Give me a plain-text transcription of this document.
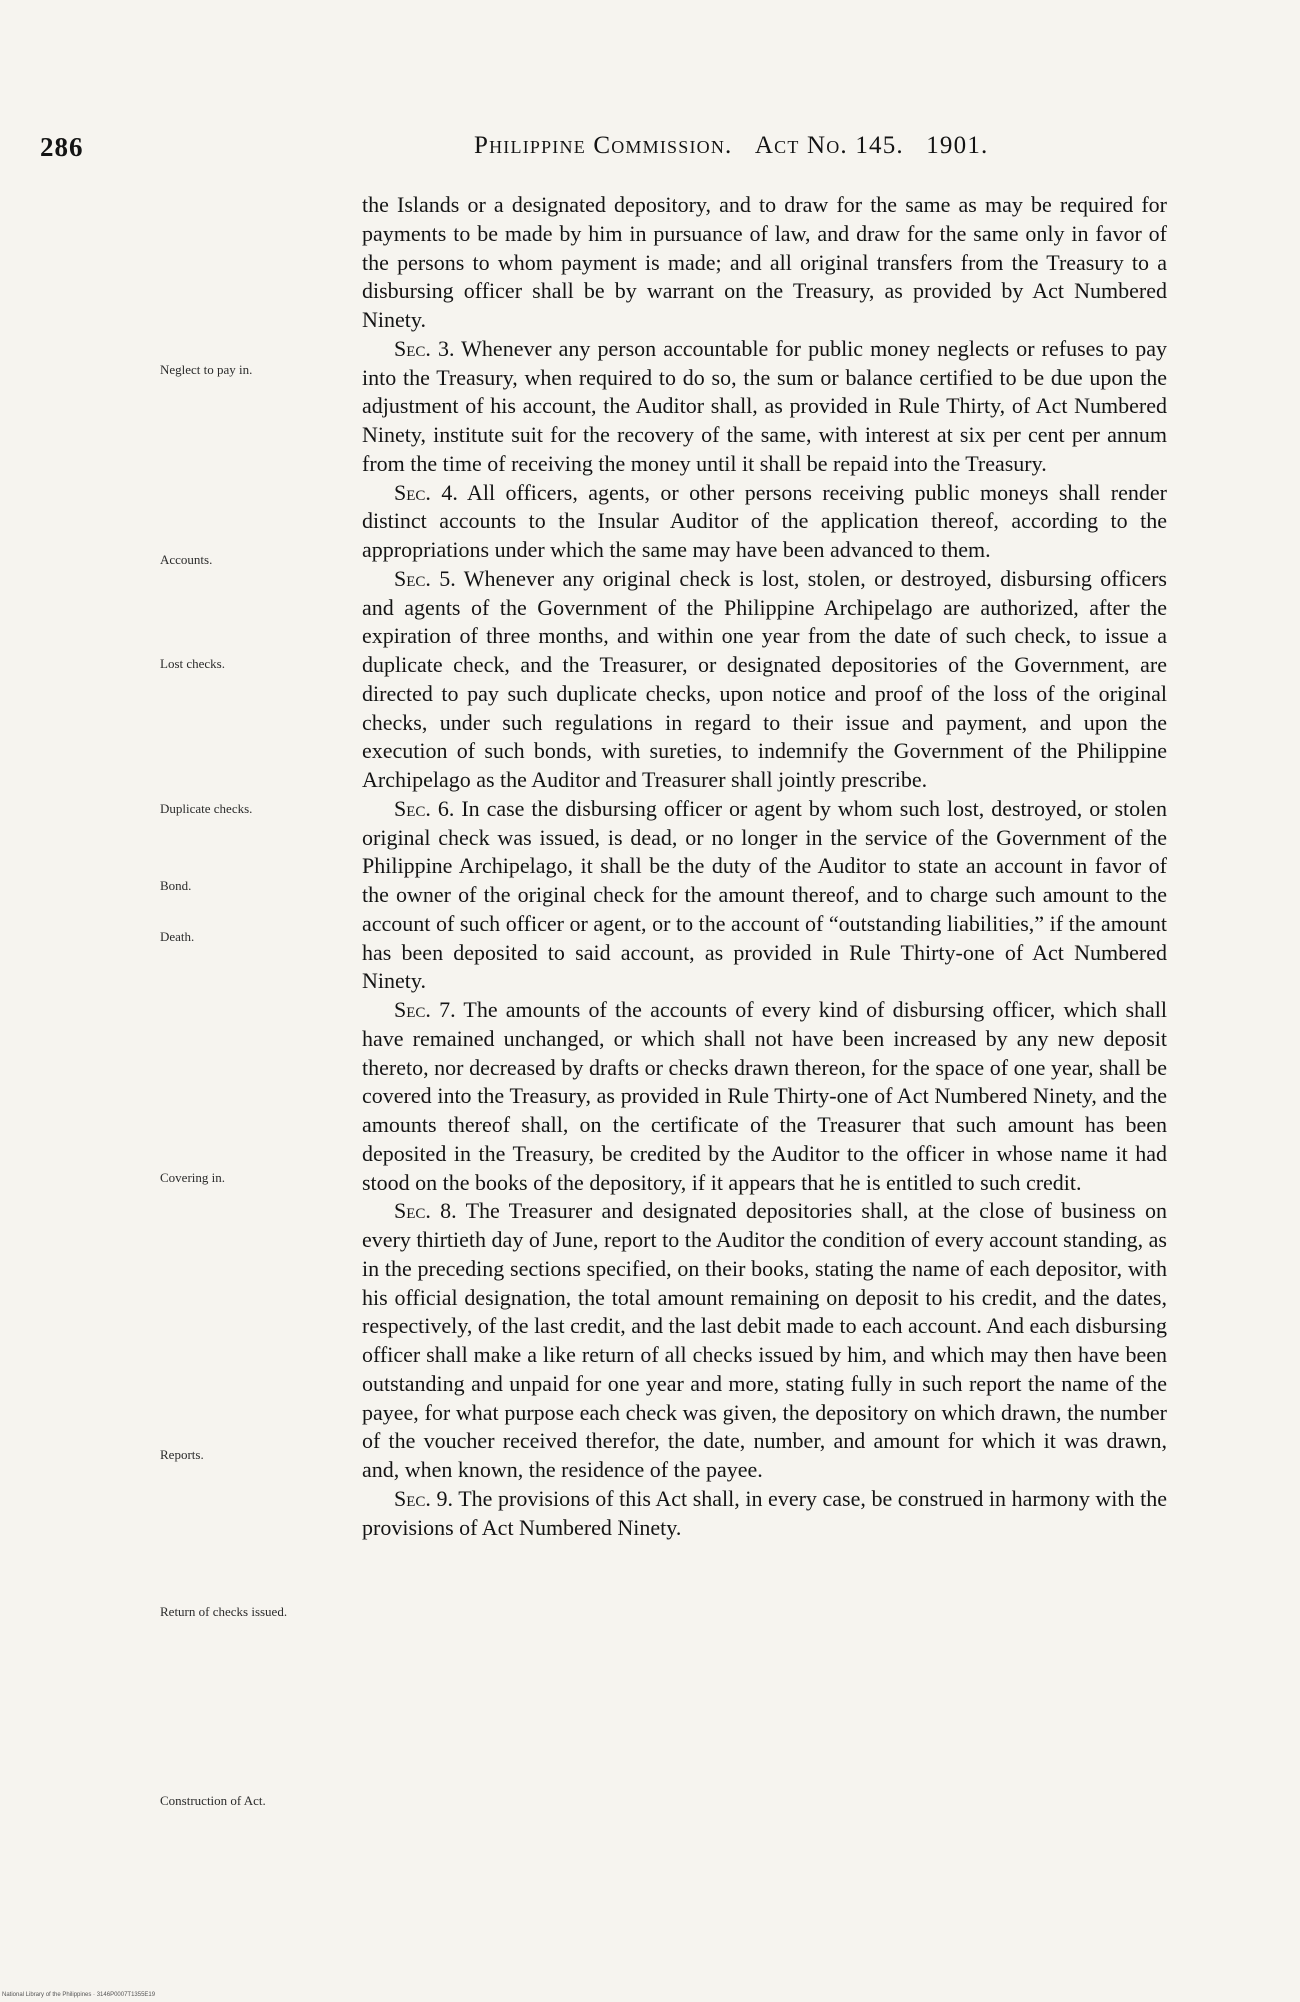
286	Philippine Commission. Act No. 145. 1901.
Neglect to pay in.
Accounts.
Lost checks.
Duplicate checks.
Bond.
Death.
Covering in.
Reports.
Return of checks issued.
Construction of Act.

the Islands or a designated depository, and to draw for the same as may be required for payments to be made by him in pursuance of law, and draw for the same only in favor of the persons to whom payment is made; and all original transfers from the Treasury to a disbursing officer shall be by warrant on the Treasury, as provided by Act Numbered Ninety.

Sec. 3. Whenever any person accountable for public money neglects or refuses to pay into the Treasury, when required to do so, the sum or balance certified to be due upon the adjustment of his account, the Auditor shall, as provided in Rule Thirty, of Act Numbered Ninety, institute suit for the recovery of the same, with interest at six per cent per annum from the time of receiving the money until it shall be repaid into the Treasury.

Sec. 4. All officers, agents, or other persons receiving public moneys shall render distinct accounts to the Insular Auditor of the application thereof, according to the appropriations under which the same may have been advanced to them.

Sec. 5. Whenever any original check is lost, stolen, or destroyed, disbursing officers and agents of the Government of the Philippine Archipelago are authorized, after the expiration of three months, and within one year from the date of such check, to issue a duplicate check, and the Treasurer, or designated depositories of the Government, are directed to pay such duplicate checks, upon notice and proof of the loss of the original checks, under such regulations in regard to their issue and payment, and upon the execution of such bonds, with sureties, to indemnify the Government of the Philippine Archipelago as the Auditor and Treasurer shall jointly prescribe.

Sec. 6. In case the disbursing officer or agent by whom such lost, destroyed, or stolen original check was issued, is dead, or no longer in the service of the Government of the Philippine Archipelago, it shall be the duty of the Auditor to state an account in favor of the owner of the original check for the amount thereof, and to charge such amount to the account of such officer or agent, or to the account of “outstanding liabilities,” if the amount has been deposited to said account, as provided in Rule Thirty-one of Act Numbered Ninety.

Sec. 7. The amounts of the accounts of every kind of disbursing officer, which shall have remained unchanged, or which shall not have been increased by any new deposit thereto, nor decreased by drafts or checks drawn thereon, for the space of one year, shall be covered into the Treasury, as provided in Rule Thirty-one of Act Numbered Ninety, and the amounts thereof shall, on the certificate of the Treasurer that such amount has been deposited in the Treasury, be credited by the Auditor to the officer in whose name it had stood on the books of the depository, if it appears that he is entitled to such credit.

Sec. 8. The Treasurer and designated depositories shall, at the close of business on every thirtieth day of June, report to the Auditor the condition of every account standing, as in the preceding sections specified, on their books, stating the name of each depositor, with his official designation, the total amount remaining on deposit to his credit, and the dates, respectively, of the last credit, and the last debit made to each account. And each disbursing officer shall make a like return of all checks issued by him, and which may then have been outstanding and unpaid for one year and more, stating fully in such report the name of the payee, for what purpose each check was given, the depository on which drawn, the number of the voucher received therefor, the date, number, and amount for which it was drawn, and, when known, the residence of the payee.

Sec. 9. The provisions of this Act shall, in every case, be construed in harmony with the provisions of Act Numbered Ninety.

National Library of the Philippines · 3146P0007T1355E19
